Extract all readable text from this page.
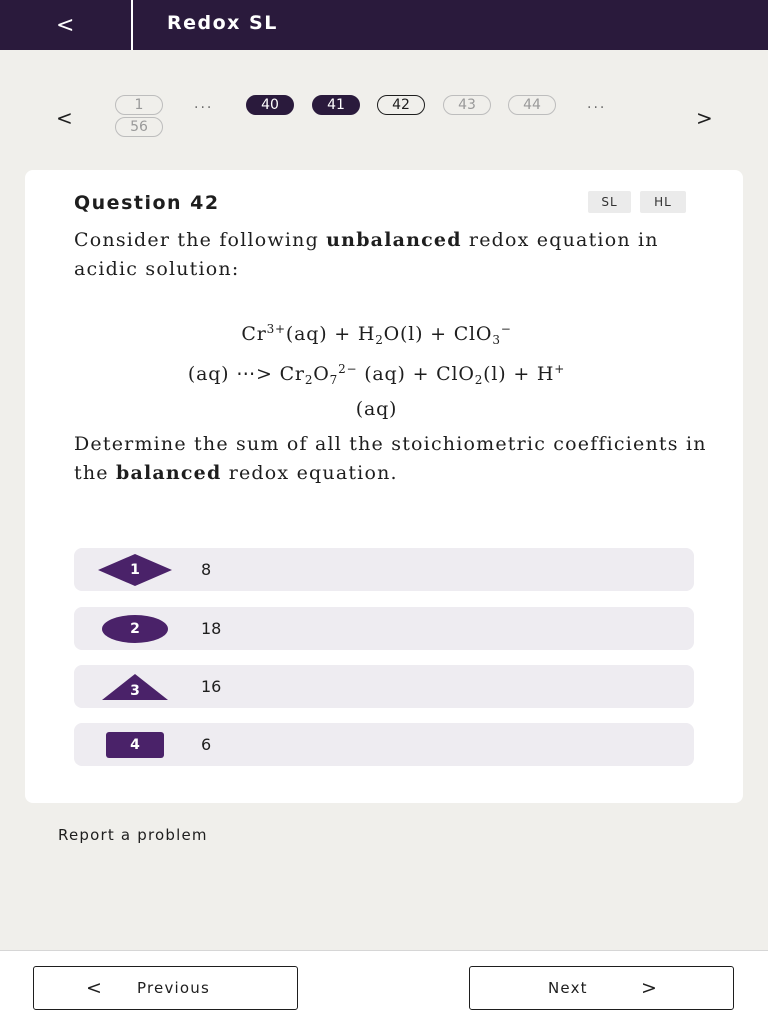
<	Redox SL
<	>
1
56
...	40	41	42	43	44	...
Question 42	SL	HL
Consider the following unbalanced redox equation in acidic solution:
$Cr^{3+}(aq) + H_2O(l) + ClO_3^-$
(aq) ⋯> $Cr_2O_7^{2-}$ (aq) + ClO$_2$(l) + H+
(aq)
Determine the sum of all the stoichiometric coefficients in the balanced redox equation.
1	8
2	18
3	16
4	6
Report a problem
< Previous	Next	>
